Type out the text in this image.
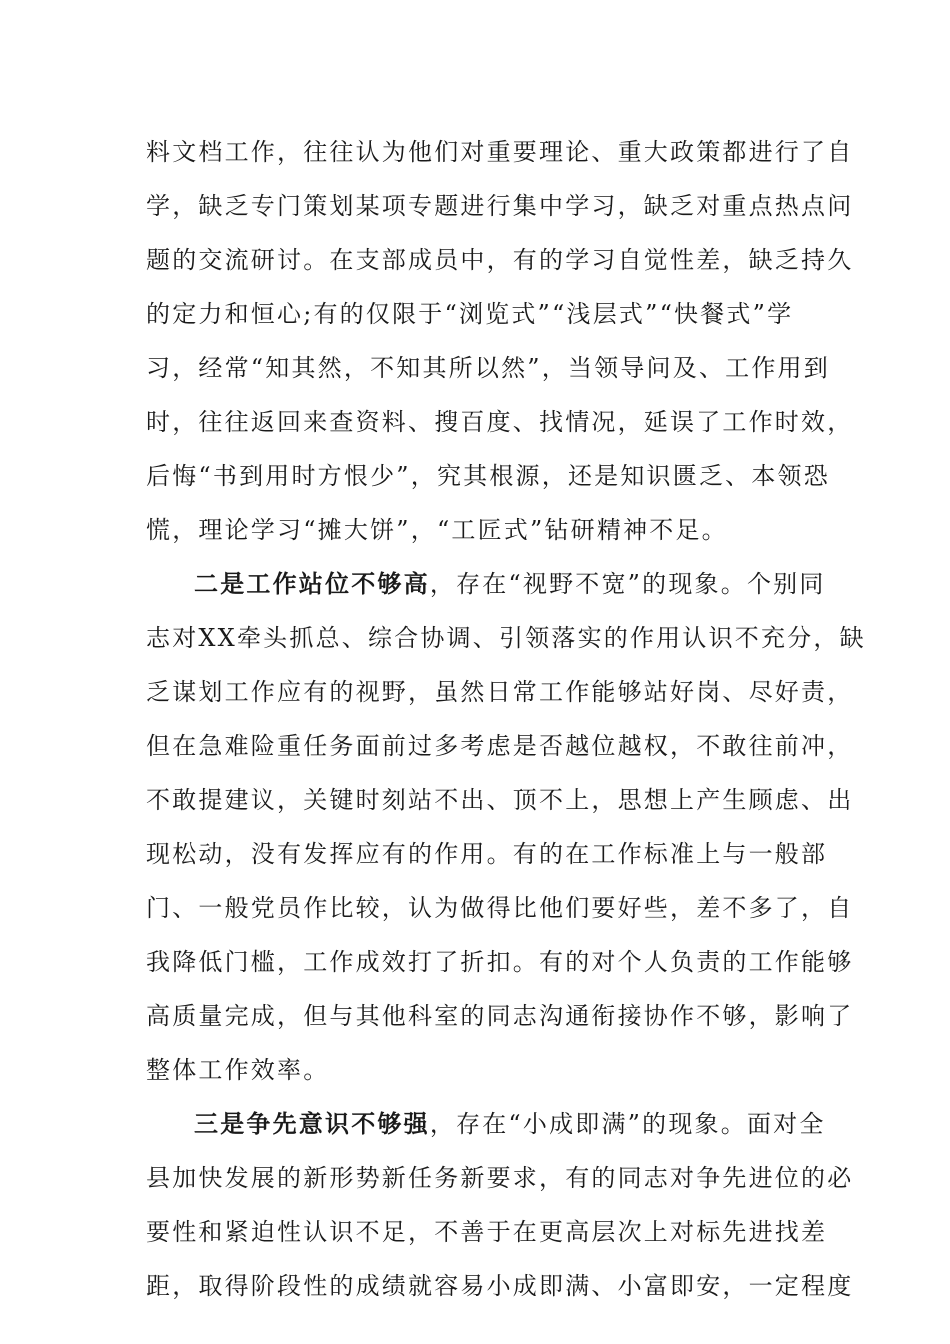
料文档工作，往往认为他们对重要理论、重大政策都进行了自
学，缺乏专门策划某项专题进行集中学习，缺乏对重点热点问
题的交流研讨。在支部成员中，有的学习自觉性差，缺乏持久
的定力和恒心;有的仅限于“浏览式”“浅层式”“快餐式”学
习，经常“知其然，不知其所以然”，当领导问及、工作用到
时，往往返回来查资料、搜百度、找情况，延误了工作时效，
后悔“书到用时方恨少”，究其根源，还是知识匮乏、本领恐
慌，理论学习“摊大饼”，“工匠式”钻研精神不足。
二是工作站位不够高，存在“视野不宽”的现象。个别同
志对XX牵头抓总、综合协调、引领落实的作用认识不充分，缺
乏谋划工作应有的视野，虽然日常工作能够站好岗、尽好责，
但在急难险重任务面前过多考虑是否越位越权，不敢往前冲，
不敢提建议，关键时刻站不出、顶不上，思想上产生顾虑、出
现松动，没有发挥应有的作用。有的在工作标准上与一般部
门、一般党员作比较，认为做得比他们要好些，差不多了，自
我降低门槛，工作成效打了折扣。有的对个人负责的工作能够
高质量完成，但与其他科室的同志沟通衔接协作不够，影响了
整体工作效率。
三是争先意识不够强，存在“小成即满”的现象。面对全
县加快发展的新形势新任务新要求，有的同志对争先进位的必
要性和紧迫性认识不足，不善于在更高层次上对标先进找差
距，取得阶段性的成绩就容易小成即满、小富即安，一定程度
